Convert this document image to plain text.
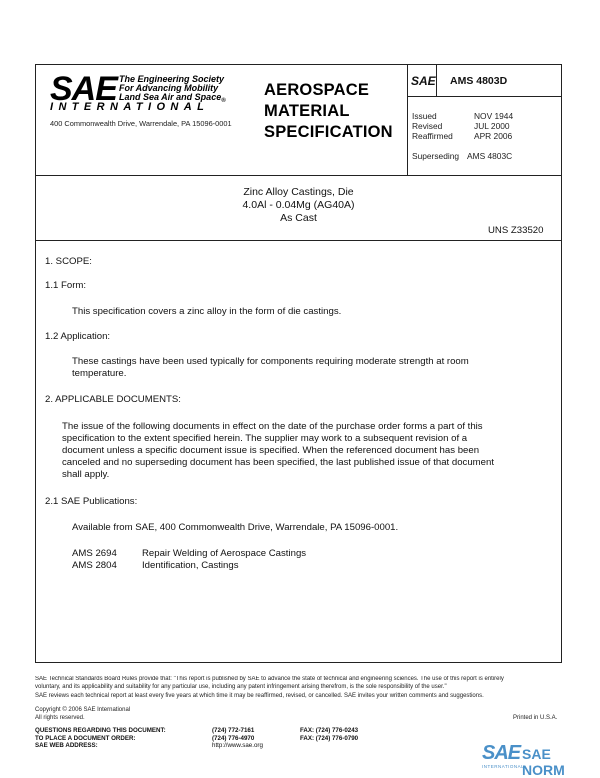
SAE The Engineering Society
For Advancing Mobility
Land Sea Air and Space$_®$
INTERNATIONAL
400 Commonwealth Drive, Warrendale, PA 15096-0001
AEROSPACE
MATERIAL
SPECIFICATION
SAE AMS 4803D
Issued	NOV 1944
Revised	JUL 2000
Reaffirmed	APR 2006
Superseding AMS 4803C
Zinc Alloy Castings, Die
4.0Al - 0.04Mg (AG40A)
As Cast
UNS Z33520
1. SCOPE:
1.1 Form:
This specification covers a zinc alloy in the form of die castings.
1.2 Application:
These castings have been used typically for components requiring moderate strength at room
temperature.
2. APPLICABLE DOCUMENTS:
The issue of the following documents in effect on the date of the purchase order forms a part of this
specification to the extent specified herein. The supplier may work to a subsequent revision of a
document unless a specific document issue is specified. When the referenced document has been
canceled and no superseding document has been specified, the last published issue of that document
shall apply.
2.1 SAE Publications:
Available from SAE, 400 Commonwealth Drive, Warrendale, PA 15096-0001.
AMS 2694	Repair Welding of Aerospace Castings
AMS 2804	Identification, Castings
SAE Technical Standards Board Rules provide that: "This report is published by SAE to advance the state of technical and engineering sciences. The use of this report is entirely
voluntary, and its applicability and suitability for any particular use, including any patent infringement arising therefrom, is the sole responsibility of the user."
SAE reviews each technical report at least every five years at which time it may be reaffirmed, revised, or cancelled. SAE invites your written comments and suggestions.
Copyright © 2006 SAE International
All rights reserved.	Printed in U.S.A.
QUESTIONS REGARDING THIS DOCUMENT:	(724) 772-7161	FAX: (724) 776-0243
TO PLACE A DOCUMENT ORDER:	(724) 776-4970	FAX: (724) 776-0790
SAE WEB ADDRESS:	http://www.sae.org	SAE SAE NORM
INTERNATIONAL
